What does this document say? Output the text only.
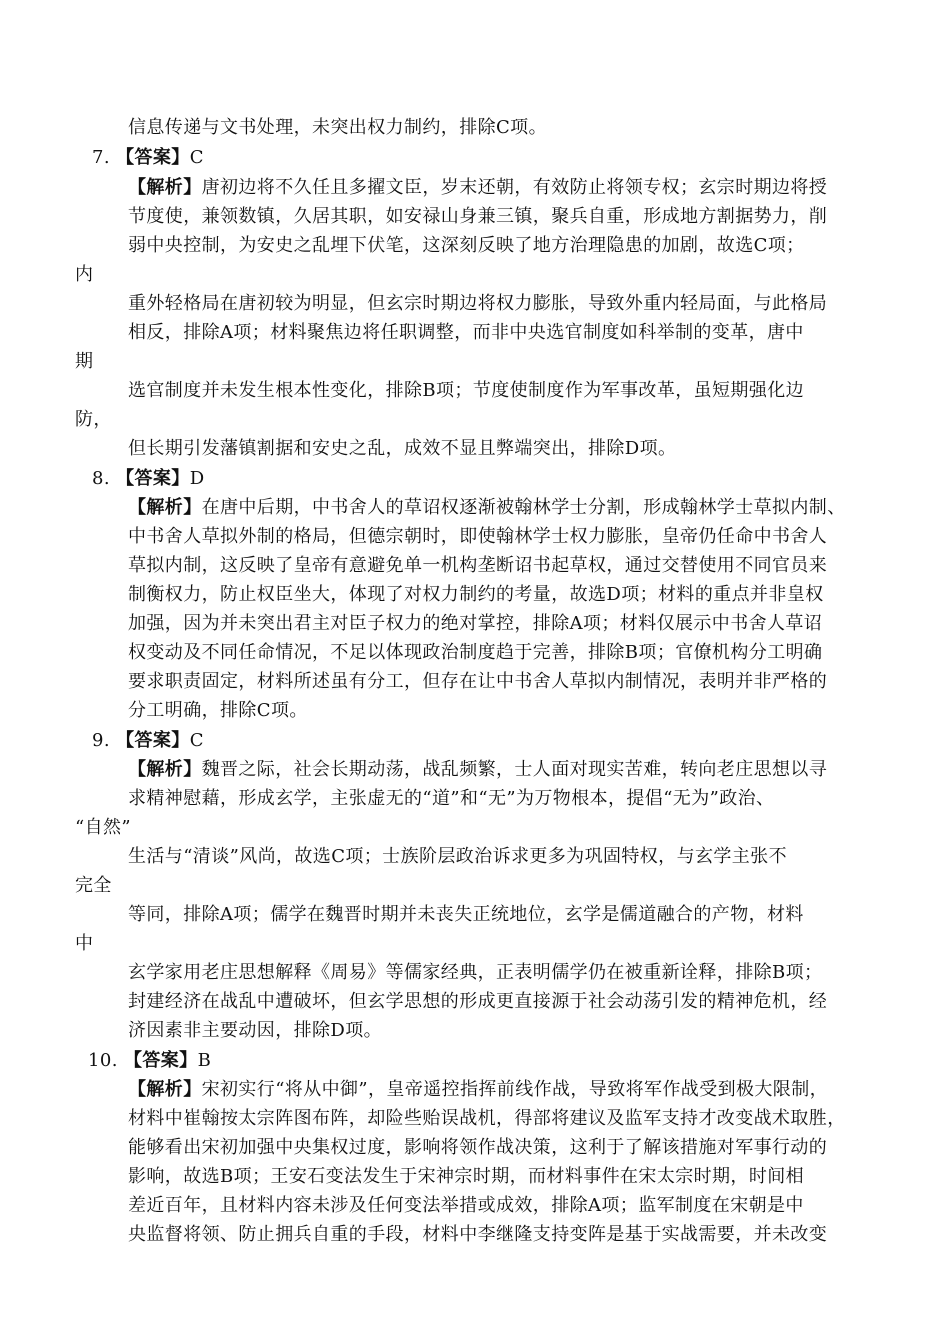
信息传递与文书处理，未突出权力制约，排除C项。
7. 【答案】C
【解析】唐初边将不久任且多擢文臣，岁末还朝，有效防止将领专权；玄宗时期边将授
节度使，兼领数镇，久居其职，如安禄山身兼三镇，聚兵自重，形成地方割据势力，削
弱中央控制，为安史之乱埋下伏笔，这深刻反映了地方治理隐患的加剧，故选C项；
内
重外轻格局在唐初较为明显，但玄宗时期边将权力膨胀，导致外重内轻局面，与此格局
相反，排除A项；材料聚焦边将任职调整，而非中央选官制度如科举制的变革，唐中
期
选官制度并未发生根本性变化，排除B项；节度使制度作为军事改革，虽短期强化边
防，
但长期引发藩镇割据和安史之乱，成效不显且弊端突出，排除D项。
8. 【答案】D
【解析】在唐中后期，中书舍人的草诏权逐渐被翰林学士分割，形成翰林学士草拟内制、
中书舍人草拟外制的格局，但德宗朝时，即使翰林学士权力膨胀，皇帝仍任命中书舍人
草拟内制，这反映了皇帝有意避免单一机构垄断诏书起草权，通过交替使用不同官员来
制衡权力，防止权臣坐大，体现了对权力制约的考量，故选D项；材料的重点并非皇权
加强，因为并未突出君主对臣子权力的绝对掌控，排除A项；材料仅展示中书舍人草诏
权变动及不同任命情况，不足以体现政治制度趋于完善，排除B项；官僚机构分工明确
要求职责固定，材料所述虽有分工，但存在让中书舍人草拟内制情况，表明并非严格的
分工明确，排除C项。
9. 【答案】C
【解析】魏晋之际，社会长期动荡，战乱频繁，士人面对现实苦难，转向老庄思想以寻
求精神慰藉，形成玄学，主张虚无的“道”和“无”为万物根本，提倡“无为”政治、
“自然”
生活与“清谈”风尚，故选C项；士族阶层政治诉求更多为巩固特权，与玄学主张不
完全
等同，排除A项；儒学在魏晋时期并未丧失正统地位，玄学是儒道融合的产物，材料
中
玄学家用老庄思想解释《周易》等儒家经典，正表明儒学仍在被重新诠释，排除B项；
封建经济在战乱中遭破坏，但玄学思想的形成更直接源于社会动荡引发的精神危机，经
济因素非主要动因，排除D项。
10. 【答案】B
【解析】宋初实行“将从中御”，皇帝遥控指挥前线作战，导致将军作战受到极大限制，
材料中崔翰按太宗阵图布阵，却险些贻误战机，得部将建议及监军支持才改变战术取胜，
能够看出宋初加强中央集权过度，影响将领作战决策，这利于了解该措施对军事行动的
影响，故选B项；王安石变法发生于宋神宗时期，而材料事件在宋太宗时期，时间相
差近百年，且材料内容未涉及任何变法举措或成效，排除A项；监军制度在宋朝是中
央监督将领、防止拥兵自重的手段，材料中李继隆支持变阵是基于实战需要，并未改变
